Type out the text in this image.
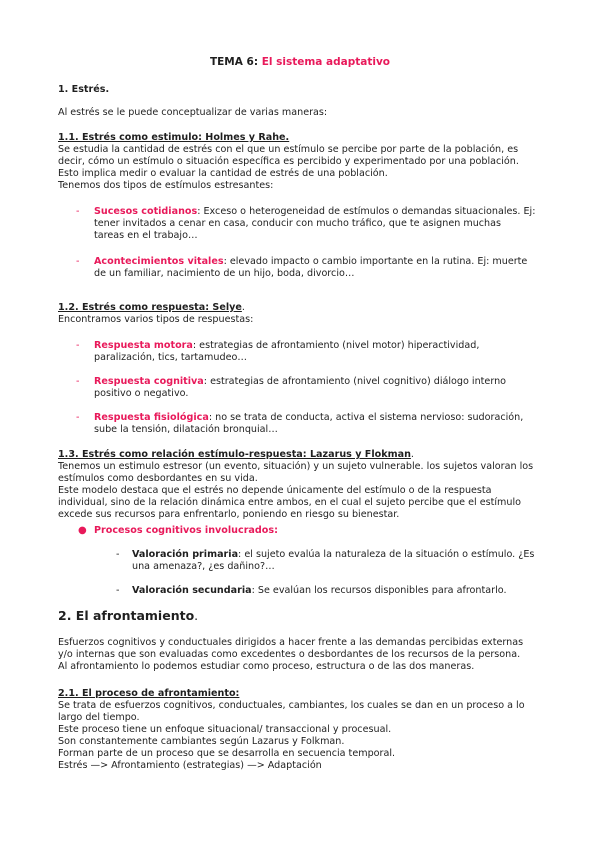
TEMA 6: El sistema adaptativo
1. Estrés.
Al estrés se le puede conceptualizar de varias maneras:
1.1. Estrés como estimulo: Holmes y Rahe.
Se estudia la cantidad de estrés con el que un estímulo se percibe por parte de la población, es
decir, cómo un estímulo o situación específica es percibido y experimentado por una población.
Esto implica medir o evaluar la cantidad de estrés de una población.
Tenemos dos tipos de estímulos estresantes:
- Sucesos cotidianos: Exceso o heterogeneidad de estímulos o demandas situacionales. Ej:
tener invitados a cenar en casa, conducir con mucho tráfico, que te asignen muchas
tareas en el trabajo…
- Acontecimientos vitales: elevado impacto o cambio importante en la rutina. Ej: muerte
de un familiar, nacimiento de un hijo, boda, divorcio…
1.2. Estrés como respuesta: Selye.
Encontramos varios tipos de respuestas:
- Respuesta motora: estrategias de afrontamiento (nivel motor) hiperactividad,
paralización, tics, tartamudeo…
- Respuesta cognitiva: estrategias de afrontamiento (nivel cognitivo) diálogo interno
positivo o negativo.
- Respuesta fisiológica: no se trata de conducta, activa el sistema nervioso: sudoración,
sube la tensión, dilatación bronquial…
1.3. Estrés como relación estímulo-respuesta: Lazarus y Flokman.
Tenemos un estimulo estresor (un evento, situación) y un sujeto vulnerable. los sujetos valoran los
estímulos como desbordantes en su vida.
Este modelo destaca que el estrés no depende únicamente del estímulo o de la respuesta
individual, sino de la relación dinámica entre ambos, en el cual el sujeto percibe que el estímulo
excede sus recursos para enfrentarlo, poniendo en riesgo su bienestar.
● Procesos cognitivos involucrados:
- Valoración primaria: el sujeto evalúa la naturaleza de la situación o estímulo. ¿Es
una amenaza?, ¿es dañino?…
- Valoración secundaria: Se evalúan los recursos disponibles para afrontarlo.
2. El afrontamiento.
Esfuerzos cognitivos y conductuales dirigidos a hacer frente a las demandas percibidas externas
y/o internas que son evaluadas como excedentes o desbordantes de los recursos de la persona.
Al afrontamiento lo podemos estudiar como proceso, estructura o de las dos maneras.
2.1. El proceso de afrontamiento:
Se trata de esfuerzos cognitivos, conductuales, cambiantes, los cuales se dan en un proceso a lo
largo del tiempo.
Este proceso tiene un enfoque situacional/ transaccional y procesual.
Son constantemente cambiantes según Lazarus y Folkman.
Forman parte de un proceso que se desarrolla en secuencia temporal.
Estrés —> Afrontamiento (estrategias) —> Adaptación
